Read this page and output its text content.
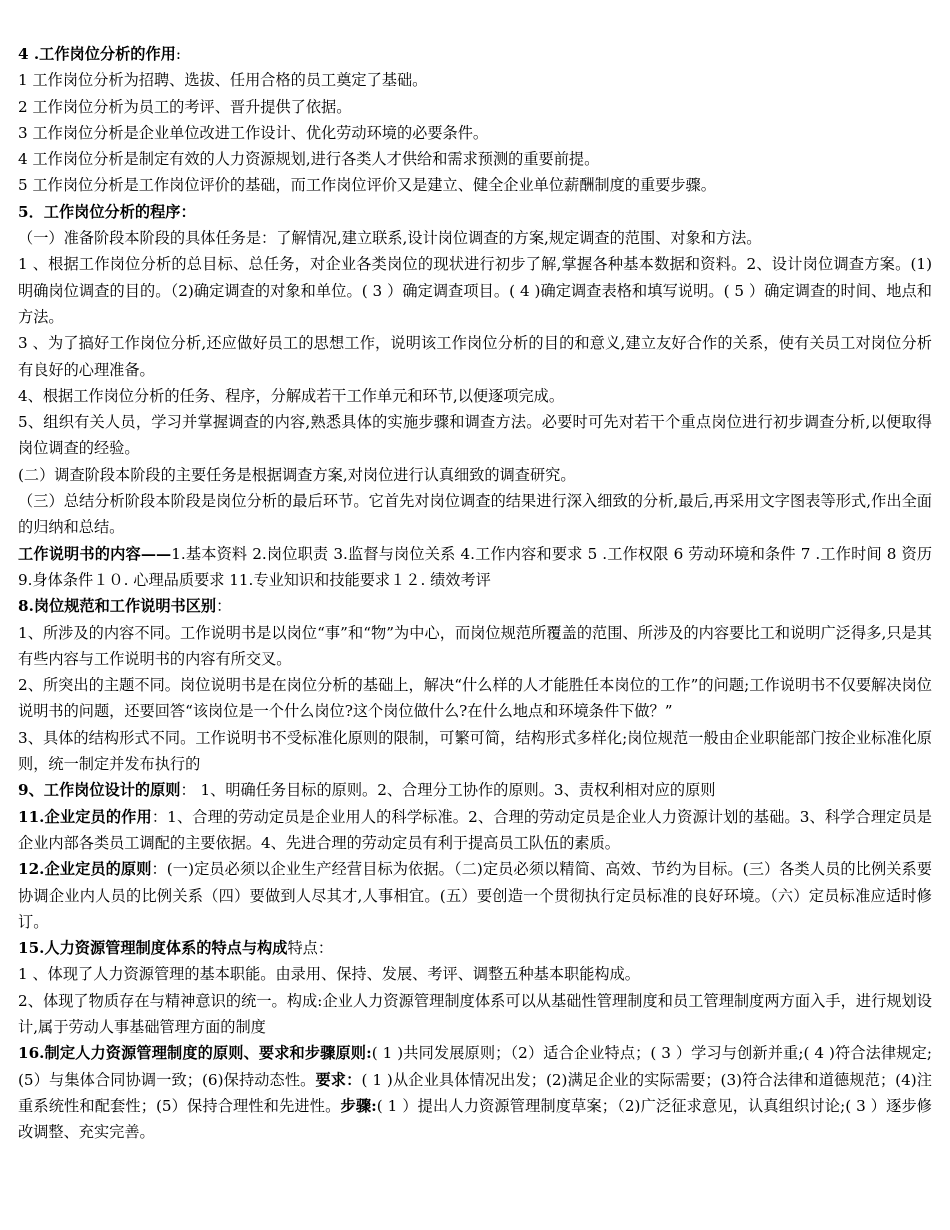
4 .工作岗位分析的作用:

1 工作岗位分析为招聘、选拔、任用合格的员工奠定了基础。

2 工作岗位分析为员工的考评、晋升提供了依据。

3 工作岗位分析是企业单位改进工作设计、优化劳动环境的必要条件。

4 工作岗位分析是制定有效的人力资源规划,进行各类人才供给和需求预测的重要前提。

5 工作岗位分析是工作岗位评价的基础，而工作岗位评价又是建立、健全企业单位薪酬制度的重要步骤。

5．工作岗位分析的程序：

（一）准备阶段本阶段的具体任务是：了解情况,建立联系,设计岗位调查的方案,规定调查的范围、对象和方法。

1 、根据工作岗位分析的总目标、总任务，对企业各类岗位的现状进行初步了解,掌握各种基本数据和资料。2、设计岗位调查方案。(1)明确岗位调查的目的。（2)确定调查的对象和单位。( 3 ）确定调查项目。( 4 )确定调查表格和填写说明。( 5 ）确定调查的时间、地点和方法。

3 、为了搞好工作岗位分析,还应做好员工的思想工作，说明该工作岗位分析的目的和意义,建立友好合作的关系，使有关员工对岗位分析有良好的心理准备。

4、根据工作岗位分析的任务、程序，分解成若干工作单元和环节,以便逐项完成。

5、组织有关人员，学习并掌握调查的内容,熟悉具体的实施步骤和调查方法。必要时可先对若干个重点岗位进行初步调查分析,以便取得岗位调查的经验。

(二）调查阶段本阶段的主要任务是根据调查方案,对岗位进行认真细致的调查研究。

（三）总结分析阶段本阶段是岗位分析的最后环节。它首先对岗位调查的结果进行深入细致的分析,最后,再采用文字图表等形式,作出全面的归纳和总结。

工作说明书的内容——1.基本资料 2.岗位职责 3.监督与岗位关系 4.工作内容和要求 5 .工作权限 6 劳动环境和条件 7 .工作时间 8 资历 9.身体条件１０. 心理品质要求 11.专业知识和技能要求１２. 绩效考评

8.岗位规范和工作说明书区别：

1、所涉及的内容不同。工作说明书是以岗位“事”和“物”为中心，而岗位规范所覆盖的范围、所涉及的内容要比工和说明广泛得多,只是其有些内容与工作说明书的内容有所交叉。

2、所突出的主题不同。岗位说明书是在岗位分析的基础上，解决“什么样的人才能胜任本岗位的工作”的问题;工作说明书不仅要解决岗位说明书的问题，还要回答“该岗位是一个什么岗位?这个岗位做什么?在什么地点和环境条件下做？”

3、具体的结构形式不同。工作说明书不受标准化原则的限制，可繁可简，结构形式多样化;岗位规范一般由企业职能部门按企业标准化原则，统一制定并发布执行的

9、工作岗位设计的原则： 1、明确任务目标的原则。2、合理分工协作的原则。3、责权利相对应的原则

11.企业定员的作用：1、合理的劳动定员是企业用人的科学标准。2、合理的劳动定员是企业人力资源计划的基础。3、科学合理定员是企业内部各类员工调配的主要依据。4、先进合理的劳动定员有利于提高员工队伍的素质。

12.企业定员的原则：(一)定员必须以企业生产经营目标为依据。（二)定员必须以精简、高效、节约为目标。(三）各类人员的比例关系要协调企业内人员的比例关系（四）要做到人尽其才,人事相宜。(五）要创造一个贯彻执行定员标准的良好环境。（六）定员标准应适时修订。

15.人力资源管理制度体系的特点与构成特点：

1 、体现了人力资源管理的基本职能。由录用、保持、发展、考评、调整五种基本职能构成。

2、体现了物质存在与精神意识的统一。构成:企业人力资源管理制度体系可以从基础性管理制度和员工管理制度两方面入手，进行规划设计,属于劳动人事基础管理方面的制度

16.制定人力资源管理制度的原则、要求和步骤原则:( 1 )共同发展原则；（2）适合企业特点；( 3 ）学习与创新并重;( 4 )符合法律规定;(5）与集体合同协调一致；(6)保持动态性。要求：( 1 )从企业具体情况出发；(2)满足企业的实际需要；(3)符合法律和道德规范；(4)注重系统性和配套性；(5）保持合理性和先进性。步骤:( 1 ）提出人力资源管理制度草案；（2)广泛征求意见，认真组织讨论;( 3 ）逐步修改调整、充实完善。
